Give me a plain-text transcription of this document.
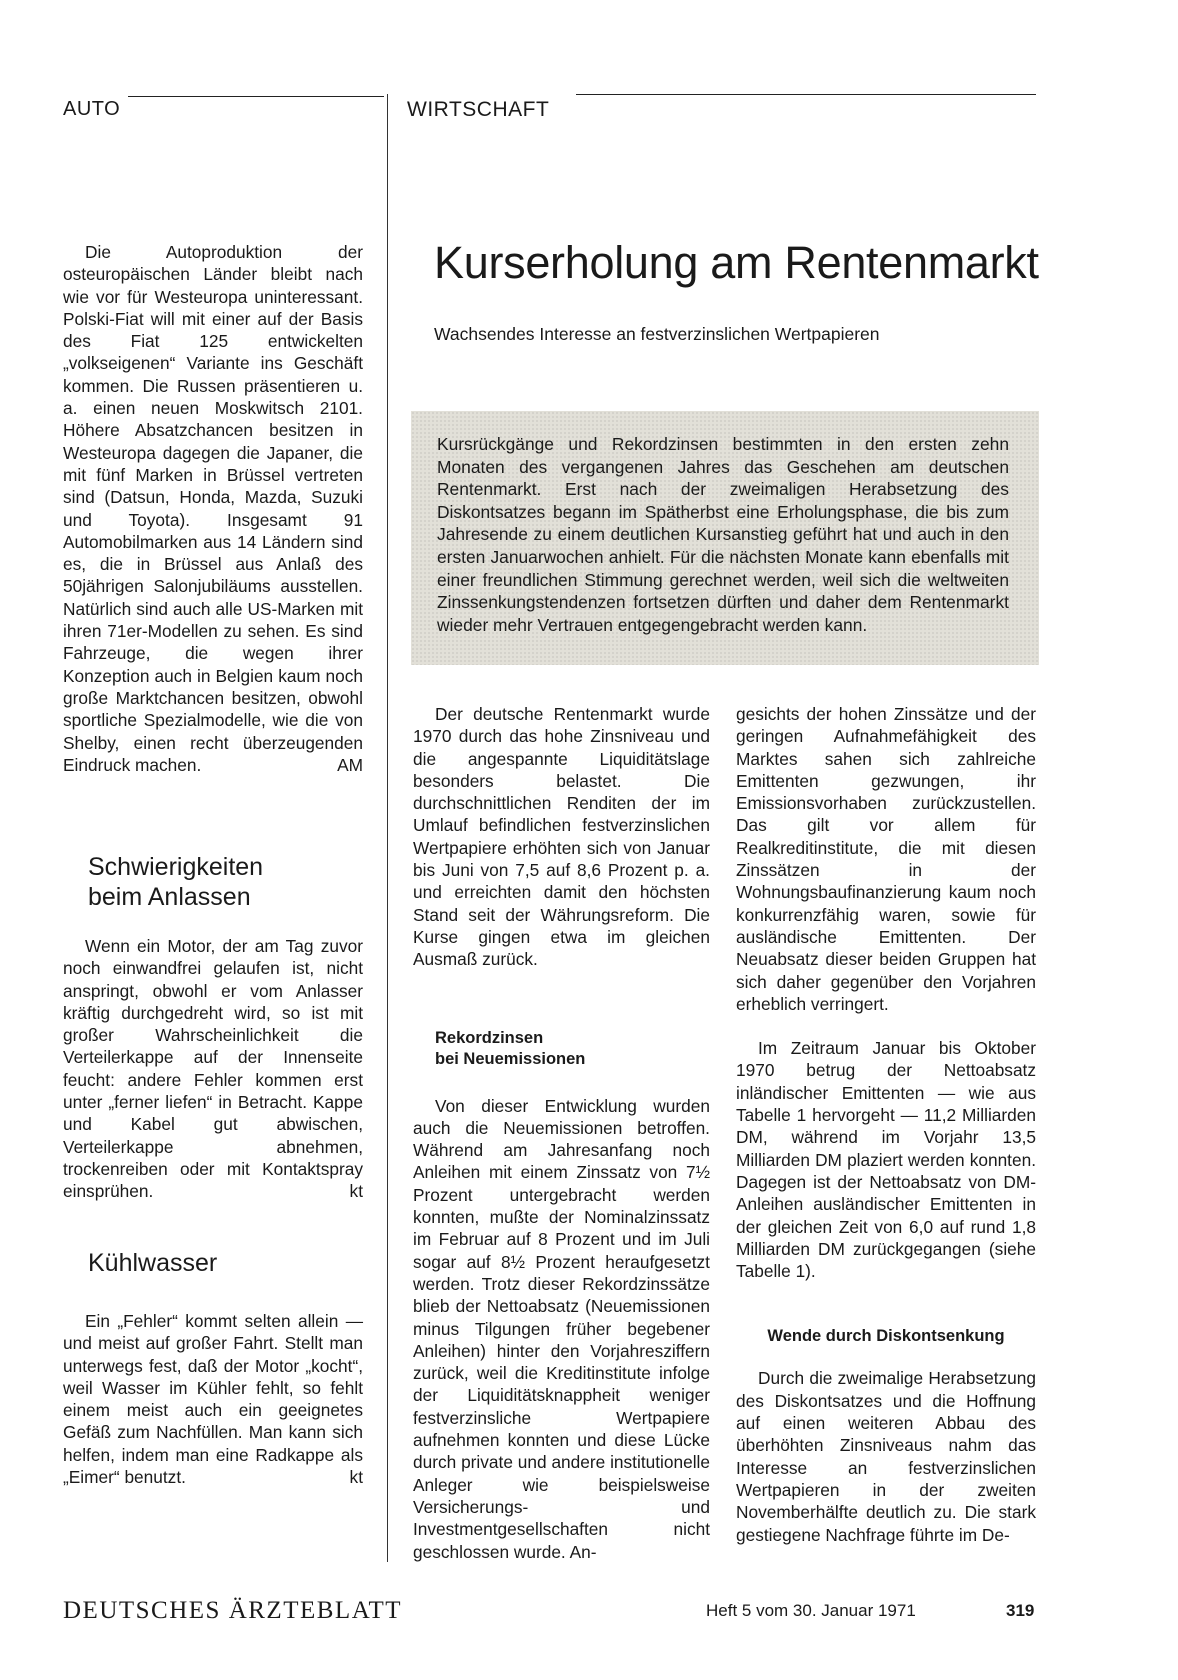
AUTO	WIRTSCHAFT

Die Autoproduktion der osteuropäischen Länder bleibt nach wie vor für Westeuropa uninteressant. Polski-Fiat will mit einer auf der Basis des Fiat 125 entwickelten „volkseigenen“ Variante ins Geschäft kommen. Die Russen präsentieren u. a. einen neuen Moskwitsch 2101. Höhere Absatzchancen besitzen in Westeuropa dagegen die Japaner, die mit fünf Marken in Brüssel vertreten sind (Datsun, Honda, Mazda, Suzuki und Toyota). Insgesamt 91 Automobilmarken aus 14 Ländern sind es, die in Brüssel aus Anlaß des 50jährigen Salonjubiläums ausstellen. Natürlich sind auch alle US-Marken mit ihren 71er-Modellen zu sehen. Es sind Fahrzeuge, die wegen ihrer Konzeption auch in Belgien kaum noch große Marktchancen besitzen, obwohl sportliche Spezialmodelle, wie die von Shelby, einen recht überzeugenden Eindruck machen.	AM

Schwierigkeiten
beim Anlassen

Wenn ein Motor, der am Tag zuvor noch einwandfrei gelaufen ist, nicht anspringt, obwohl er vom Anlasser kräftig durchgedreht wird, so ist mit großer Wahrscheinlichkeit die Verteilerkappe auf der Innenseite feucht: andere Fehler kommen erst unter „ferner liefen“ in Betracht. Kappe und Kabel gut abwischen, Verteilerkappe abnehmen, trockenreiben oder mit Kontaktspray einsprühen.	kt

Kühlwasser

Ein „Fehler“ kommt selten allein — und meist auf großer Fahrt. Stellt man unterwegs fest, daß der Motor „kocht“, weil Wasser im Kühler fehlt, so fehlt einem meist auch ein geeignetes Gefäß zum Nachfüllen. Man kann sich helfen, indem man eine Radkappe als „Eimer“ benutzt.	kt

Kurserholung am Rentenmarkt
Wachsendes Interesse an festverzinslichen Wertpapieren
Kursrückgänge und Rekordzinsen bestimmten in den ersten zehn Monaten des vergangenen Jahres das Geschehen am deutschen Rentenmarkt. Erst nach der zweimaligen Herabsetzung des Diskontsatzes begann im Spätherbst eine Erholungsphase, die bis zum Jahresende zu einem deutlichen Kursanstieg geführt hat und auch in den ersten Januarwochen anhielt. Für die nächsten Monate kann ebenfalls mit einer freundlichen Stimmung gerechnet werden, weil sich die weltweiten Zinssenkungstendenzen fortsetzen dürften und daher dem Rentenmarkt wieder mehr Vertrauen entgegengebracht werden kann.

Der deutsche Rentenmarkt wurde 1970 durch das hohe Zinsniveau und die angespannte Liquiditätslage besonders belastet. Die durchschnittlichen Renditen der im Umlauf befindlichen festverzinslichen Wertpapiere erhöhten sich von Januar bis Juni von 7,5 auf 8,6 Prozent p. a. und erreichten damit den höchsten Stand seit der Währungsreform. Die Kurse gingen etwa im gleichen Ausmaß zurück.

Rekordzinsen
bei Neuemissionen

Von dieser Entwicklung wurden auch die Neuemissionen betroffen. Während am Jahresanfang noch Anleihen mit einem Zinssatz von 7½ Prozent untergebracht werden konnten, mußte der Nominalzinssatz im Februar auf 8 Prozent und im Juli sogar auf 8½ Prozent heraufgesetzt werden. Trotz dieser Rekordzinssätze blieb der Nettoabsatz (Neuemissionen minus Tilgungen früher begebener Anleihen) hinter den Vorjahresziffern zurück, weil die Kreditinstitute infolge der Liquiditätsknappheit weniger festverzinsliche Wertpapiere aufnehmen konnten und diese Lücke durch private und andere institutionelle Anleger wie beispielsweise Versicherungs- und Investmentgesellschaften nicht geschlossen wurde. An-

gesichts der hohen Zinssätze und der geringen Aufnahmefähigkeit des Marktes sahen sich zahlreiche Emittenten gezwungen, ihr Emissionsvorhaben zurückzustellen. Das gilt vor allem für Realkreditinstitute, die mit diesen Zinssätzen in der Wohnungsbaufinanzierung kaum noch konkurrenzfähig waren, sowie für ausländische Emittenten. Der Neuabsatz dieser beiden Gruppen hat sich daher gegenüber den Vorjahren erheblich verringert.

Im Zeitraum Januar bis Oktober 1970 betrug der Nettoabsatz inländischer Emittenten — wie aus Tabelle 1 hervorgeht — 11,2 Milliarden DM, während im Vorjahr 13,5 Milliarden DM plaziert werden konnten. Dagegen ist der Nettoabsatz von DM-Anleihen ausländischer Emittenten in der gleichen Zeit von 6,0 auf rund 1,8 Milliarden DM zurückgegangen (siehe Tabelle 1).

Wende durch Diskontsenkung

Durch die zweimalige Herabsetzung des Diskontsatzes und die Hoffnung auf einen weiteren Abbau des überhöhten Zinsniveaus nahm das Interesse an festverzinslichen Wertpapieren in der zweiten Novemberhälfte deutlich zu. Die stark gestiegene Nachfrage führte im De-

DEUTSCHES ÄRZTEBLATT	Heft 5 vom 30. Januar 1971	319
